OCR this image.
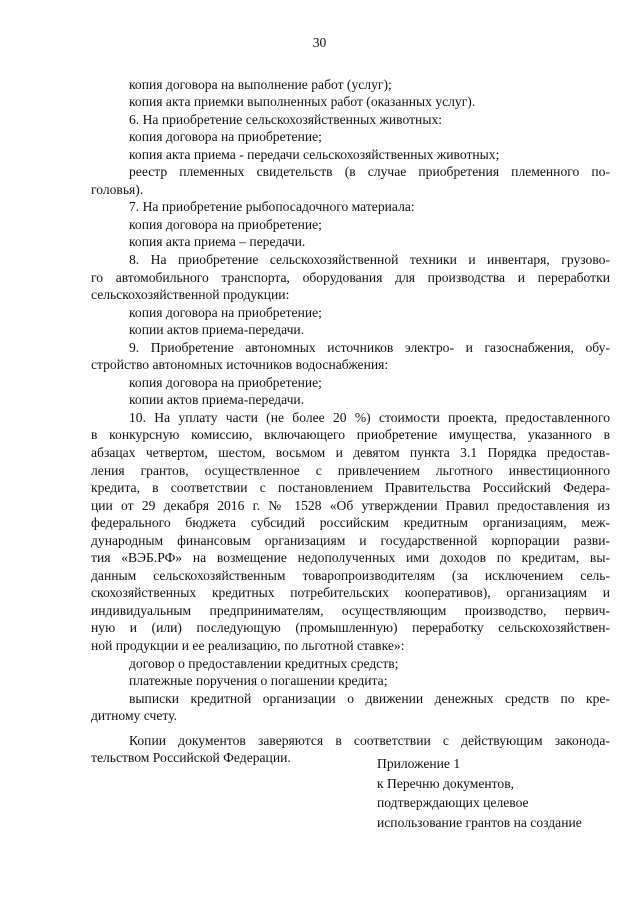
30
копия договора на выполнение работ (услуг);
копия акта приемки выполненных работ (оказанных услуг).
6. На приобретение сельскохозяйственных животных:
копия договора на приобретение;
копия акта приема - передачи сельскохозяйственных животных;
реестр племенных свидетельств (в случае приобретения племенного по-
головья).
7. На приобретение рыбопосадочного материала:
копия договора на приобретение;
копия акта приема – передачи.
8. На приобретение сельскохозяйственной техники и инвентаря, грузово-
го автомобильного транспорта, оборудования для производства и переработки
сельскохозяйственной продукции:
копия договора на приобретение;
копии актов приема-передачи.
9. Приобретение автономных источников электро- и газоснабжения, обу-
стройство автономных источников водоснабжения:
копия договора на приобретение;
копии актов приема-передачи.
10. На уплату части (не более 20 %) стоимости проекта, предоставленного
в конкурсную комиссию, включающего приобретение имущества, указанного в
абзацах четвертом, шестом, восьмом и девятом пункта 3.1 Порядка предостав-
ления грантов, осуществленное с привлечением льготного инвестиционного
кредита, в соответствии с постановлением Правительства Российский Федера-
ции от 29 декабря 2016 г. № 1528 «Об утверждении Правил предоставления из
федерального бюджета субсидий российским кредитным организациям, меж-
дународным финансовым организациям и государственной корпорации разви-
тия «ВЭБ.РФ» на возмещение недополученных ими доходов по кредитам, вы-
данным сельскохозяйственным товаропроизводителям (за исключением сель-
скохозяйственных кредитных потребительских кооперативов), организациям и
индивидуальным предпринимателям, осуществляющим производство, первич-
ную и (или) последующую (промышленную) переработку сельскохозяйствен-
ной продукции и ее реализацию, по льготной ставке»:
договор о предоставлении кредитных средств;
платежные поручения о погашении кредита;
выписки кредитной организации о движении денежных средств по кре-
дитному счету.
Копии документов заверяются в соответствии с действующим законода-
тельством Российской Федерации.	Приложение 1
к Перечню документов,
подтверждающих целевое
использование грантов на создание
